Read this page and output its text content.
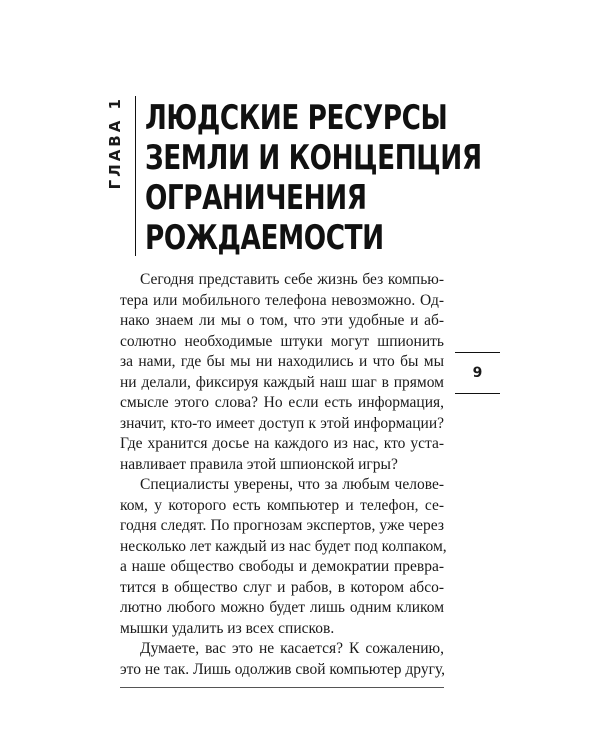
ГЛАВА 1 ЛЮДСКИЕ РЕСУРСЫ
ЗЕМЛИ И КОНЦЕПЦИЯ
ОГРАНИЧЕНИЯ
РОЖДАЕМОСТИ
Сегодня представить себе жизнь без компью-
тера или мобильного телефона невозможно. Од-
нако знаем ли мы о том, что эти удобные и аб-
солютно необходимые штуки могут шпионить
за нами, где бы мы ни находились и что бы мы
ни делали, фиксируя каждый наш шаг в прямом
смысле этого слова? Но если есть информация,
значит, кто-то имеет доступ к этой информации?
Где хранится досье на каждого из нас, кто уста-
навливает правила этой шпионской игры?
Специалисты уверены, что за любым челове-
ком, у которого есть компьютер и телефон, се-
годня следят. По прогнозам экспертов, уже через
несколько лет каждый из нас будет под колпаком,
а наше общество свободы и демократии превра-
тится в общество слуг и рабов, в котором абсо-
лютно любого можно будет лишь одним кликом
мышки удалить из всех списков.
Думаете, вас это не касается? К сожалению,
это не так. Лишь одолжив свой компьютер другу,
9
